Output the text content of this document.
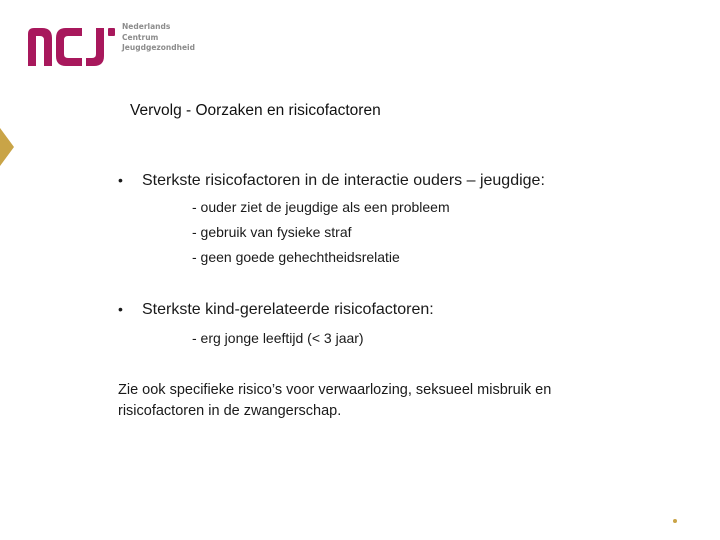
Nederlands
Centrum
Jeugdgezondheid
Vervolg - Oorzaken en risicofactoren
•	Sterkste risicofactoren in de interactie ouders – jeugdige:
- ouder ziet de jeugdige als een probleem
- gebruik van fysieke straf
- geen goede gehechtheidsrelatie
•	Sterkste kind-gerelateerde risicofactoren:
- erg jonge leeftijd (< 3 jaar)
Zie ook specifieke risico’s voor verwaarlozing, seksueel misbruik en risicofactoren in de zwangerschap.
